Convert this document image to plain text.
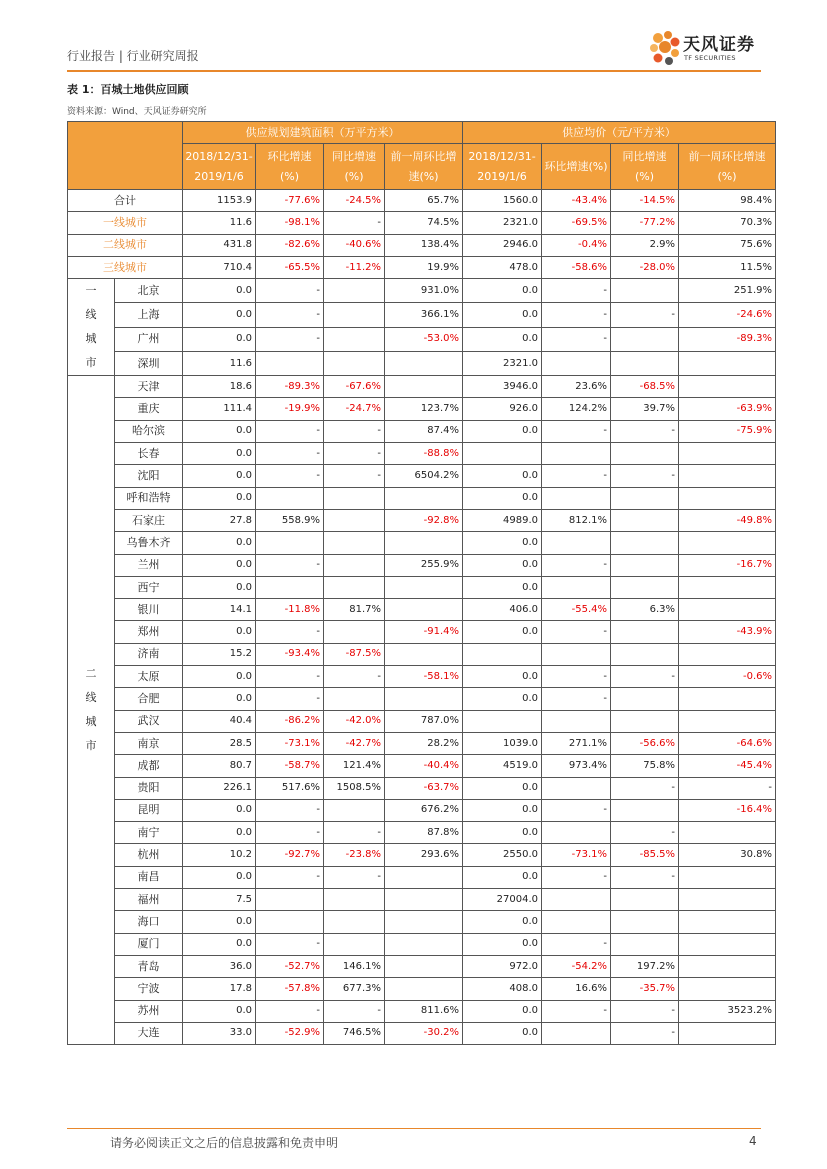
行业报告 | 行业研究周报
天风证券
TF SECURITIES
表 1：百城土地供应回顾
资料来源：Wind、天风证券研究所
		供应规划建筑面积（万平方米）				供应均价（元/平方米）			
		2018/12/31-2019/1/6	环比增速(%)	同比增速(%)	前一周环比增速(%)	2018/12/31-2019/1/6	环比增速(%)	同比增速(%)	前一周环比增速(%)
合计		1153.9	-77.6%	-24.5%	65.7%	1560.0	-43.4%	-14.5%	98.4%
一线城市		11.6	-98.1%	-	74.5%	2321.0	-69.5%	-77.2%	70.3%
二线城市		431.8	-82.6%	-40.6%	138.4%	2946.0	-0.4%	2.9%	75.6%
三线城市		710.4	-65.5%	-11.2%	19.9%	478.0	-58.6%	-28.0%	11.5%
一线城市	北京	0.0	-		931.0%	0.0	-		251.9%
	上海	0.0	-		366.1%	0.0	-	-	-24.6%
	广州	0.0	-		-53.0%	0.0	-		-89.3%
	深圳	11.6				2321.0			
二线城市	天津	18.6	-89.3%	-67.6%		3946.0	23.6%	-68.5%	
	重庆	111.4	-19.9%	-24.7%	123.7%	926.0	124.2%	39.7%	-63.9%
	哈尔滨	0.0	-	-	87.4%	0.0	-	-	-75.9%
	长春	0.0	-	-	-88.8%				
	沈阳	0.0	-	-	6504.2%	0.0	-	-	
	呼和浩特	0.0				0.0			
	石家庄	27.8	558.9%		-92.8%	4989.0	812.1%		-49.8%
	乌鲁木齐	0.0				0.0			
	兰州	0.0	-		255.9%	0.0	-		-16.7%
	西宁	0.0				0.0			
	银川	14.1	-11.8%	81.7%		406.0	-55.4%	6.3%	
	郑州	0.0	-		-91.4%	0.0	-		-43.9%
	济南	15.2	-93.4%	-87.5%					
	太原	0.0	-	-	-58.1%	0.0	-	-	-0.6%
	合肥	0.0	-			0.0	-		
	武汉	40.4	-86.2%	-42.0%	787.0%				
	南京	28.5	-73.1%	-42.7%	28.2%	1039.0	271.1%	-56.6%	-64.6%
	成都	80.7	-58.7%	121.4%	-40.4%	4519.0	973.4%	75.8%	-45.4%
	贵阳	226.1	517.6%	1508.5%	-63.7%	0.0		-	-
	昆明	0.0	-		676.2%	0.0	-		-16.4%
	南宁	0.0	-	-	87.8%	0.0		-	
	杭州	10.2	-92.7%	-23.8%	293.6%	2550.0	-73.1%	-85.5%	30.8%
	南昌	0.0	-	-		0.0	-	-	
	福州	7.5				27004.0			
	海口	0.0				0.0			
	厦门	0.0	-			0.0	-		
	青岛	36.0	-52.7%	146.1%		972.0	-54.2%	197.2%	
	宁波	17.8	-57.8%	677.3%		408.0	16.6%	-35.7%	
	苏州	0.0	-	-	811.6%	0.0	-	-	3523.2%
	大连	33.0	-52.9%	746.5%	-30.2%	0.0		-	
请务必阅读正文之后的信息披露和免责申明	4
